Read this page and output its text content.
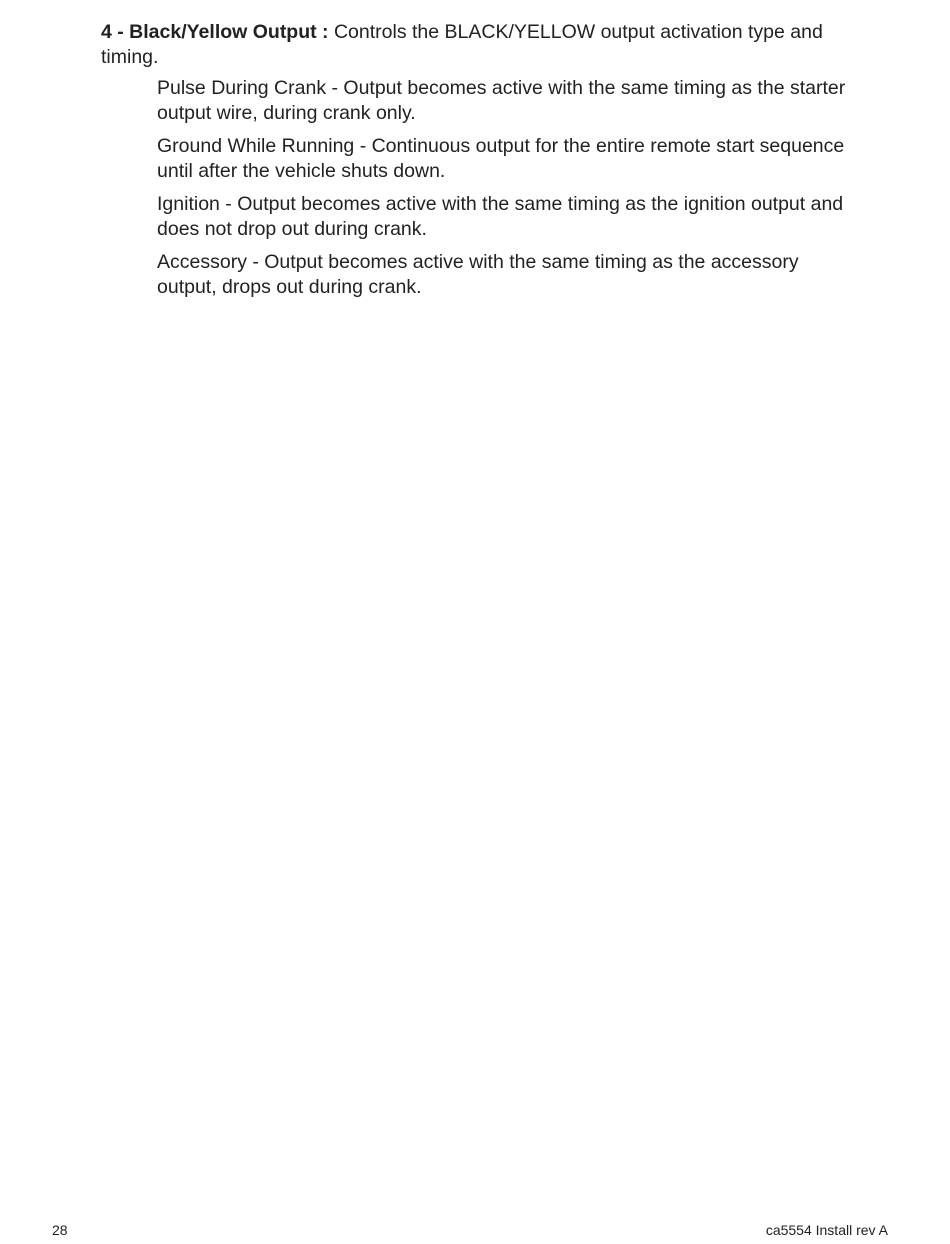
4 - Black/Yellow Output : Controls the BLACK/YELLOW output activation type and timing.

Pulse During Crank - Output becomes active with the same timing as the starter output wire, during crank only.
Ground While Running - Continuous output for the entire remote start sequence until after the vehicle shuts down.
Ignition - Output becomes active with the same timing as the ignition output and does not drop out during crank.
Accessory - Output becomes active with the same timing as the accessory output, drops out during crank.
28	ca5554 Install rev A
